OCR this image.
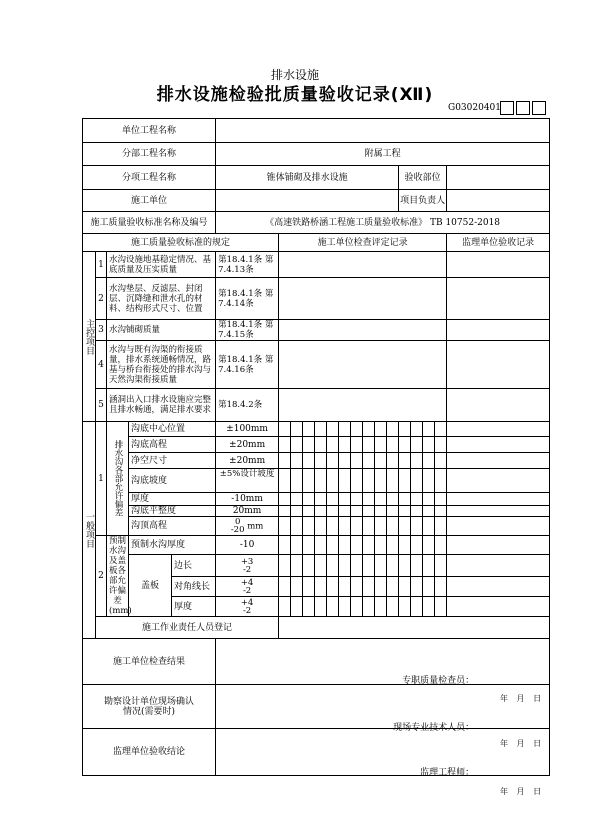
排水设施
排水设施检验批质量验收记录(Ⅻ)
G03020401
单位工程名称																				
分部工程名称					附属工程															
分项工程名称					锥体铺砌及排水设施											验收部位				
施工单位																项目负责人				
施工质量验收标准名称及编号					《高速铁路桥涵工程施工质量验收标准》 TB 10752-2018															
施工质量验收标准的规定						施工单位检查评定记录														监理单位验收记录

主控项目	1	水沟设施地基稳定情况、基底质量及压实质量			第18.4.1条 第7.4.13条															
	2	水沟垫层、反滤层、封闭层、沉降缝和泄水孔的材料、结构形式尺寸、位置			第18.4.1条 第7.4.14条															
	3	水沟铺砌质量			第18.4.1条 第7.4.15条															
	4	水沟与既有沟渠的衔接质量，排水系统通畅情况，路基与桥台衔接处的排水沟与天然沟渠衔接质量			第18.4.1条 第7.4.16条															
	5	涵洞出入口排水设施应完整且排水畅通，满足排水要求			第18.4.2条															

一般项目	1	排水沟各部允许偏差	沟底中心位置		±100mm															
			沟底高程		±20mm															
			净空尺寸		±20mm															
			沟底坡度		±5%设计坡度															
			厚度		-10mm															
			沟底平整度		20mm															
			沟顶高程		0
-20 mm															
	2	预制水沟及盖板各部允许偏差(mm)	预制水沟厚度		-10															
			盖板	边长	+3
-2															
				对角线长	+4
-2															
				厚度	+4
-2															
	施工作业责任人员登记																			
施工单位检查结果					专职质量检查员：
年 月 日															

勘察设计单位现场确认情况(需要时)					现场专业技术人员：
年 月 日															

监理单位验收结论					监理工程师：
年 月 日															
